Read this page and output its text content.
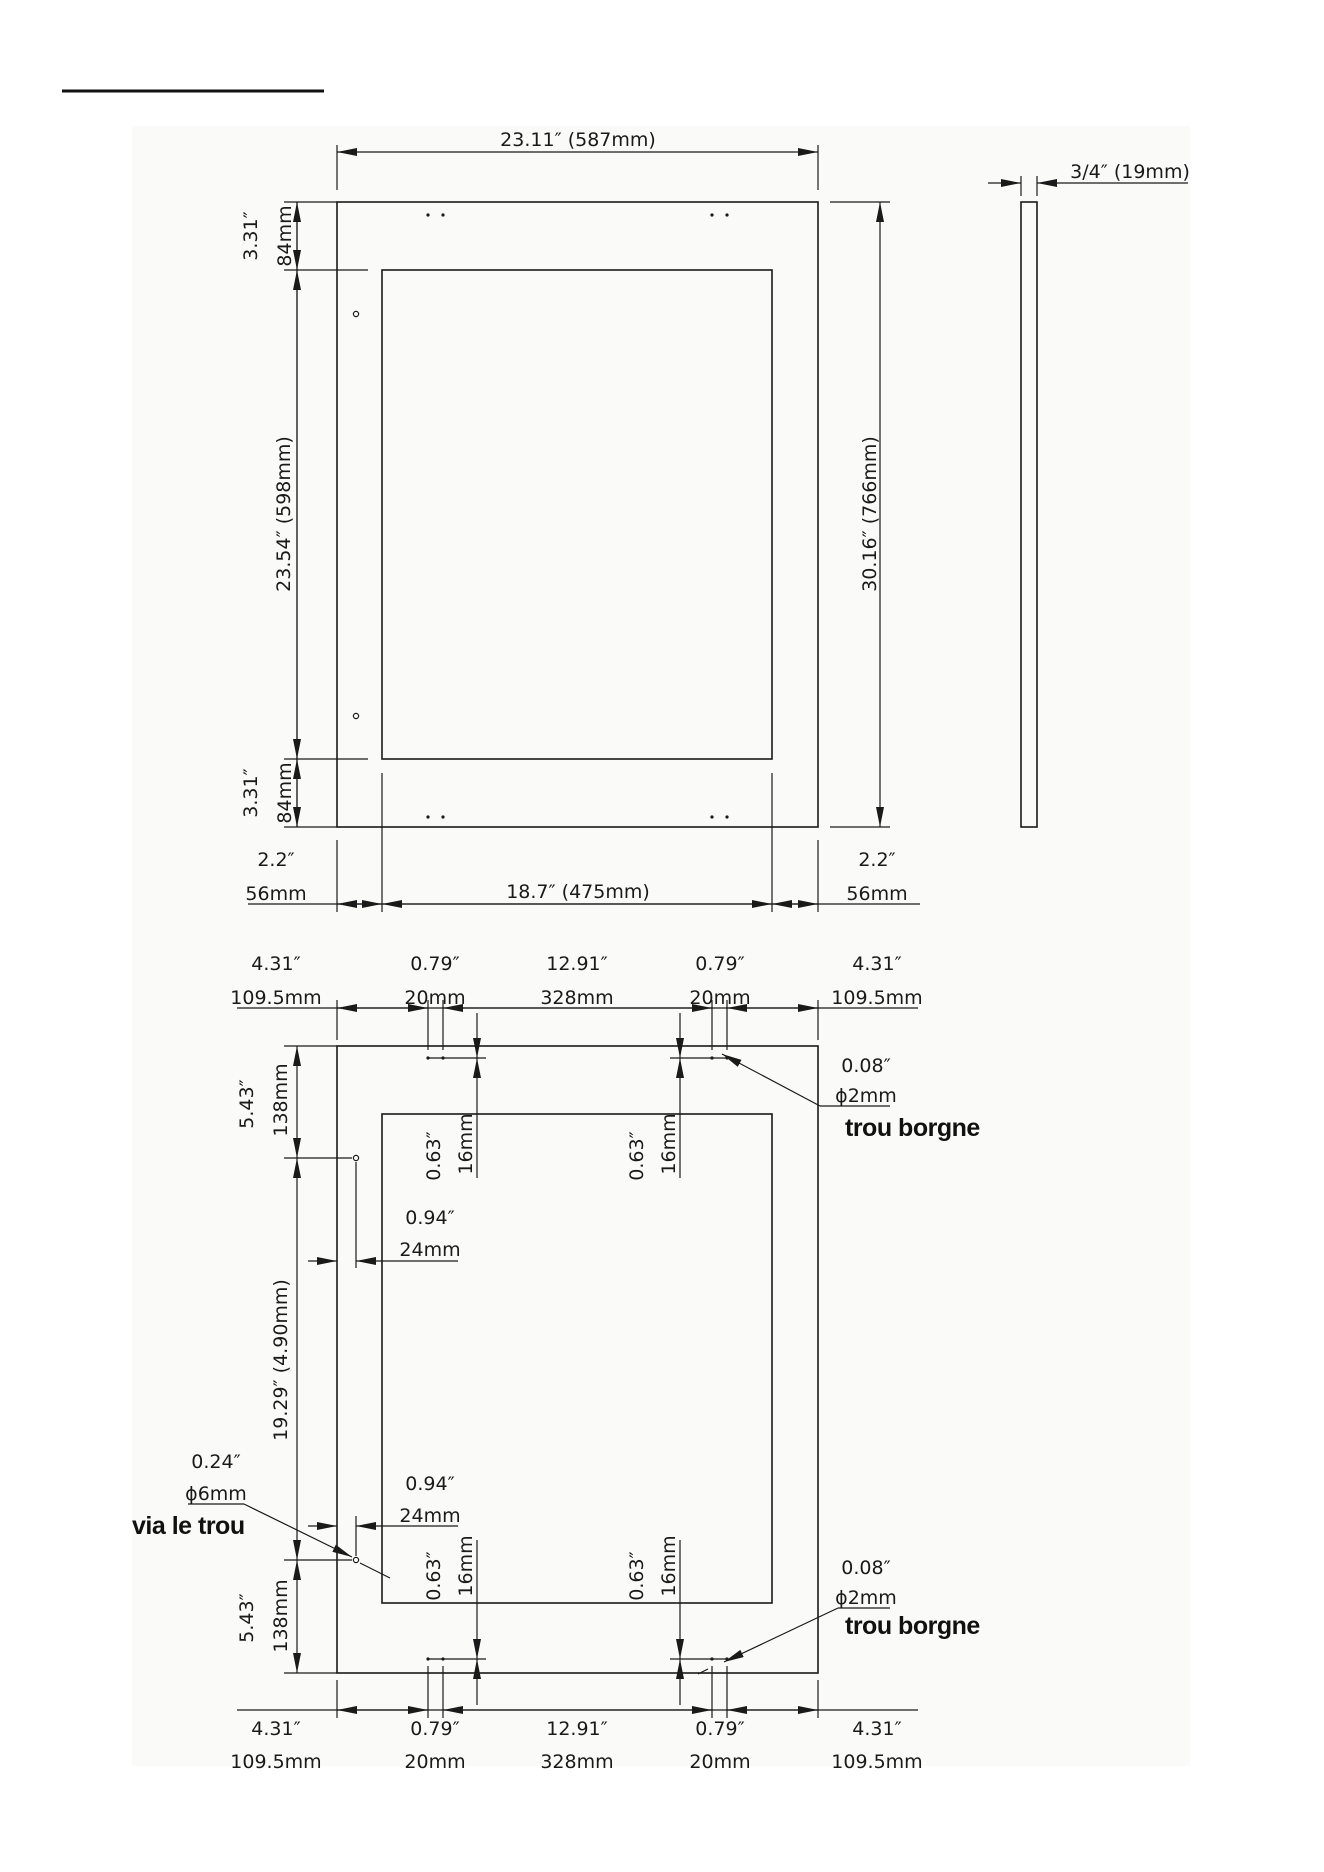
23.11″ (587mm)
3.31″ 84mm
23.54″ (598mm)
3.31″ 84mm
30.16″ (766mm)
2.2″
56mm	18.7″ (475mm)
2.2″
56mm
3/4″ (19mm)
4.31″
109.5mm
0.79″
20mm
12.91″
328mm
0.79″
20mm
4.31″
109.5mm
0.63″ 16mm	0.63″ 16mm
0.63″ 16mm	0.63″ 16mm
5.43″ 138mm
19.29″ (4.90mm)
5.43″ 138mm
0.94″
24mm
0.94″
24mm
0.24″
ϕ6mm
via le trou
0.08″
ϕ2mm
trou borgne
0.08″
ϕ2mm
trou borgne
4.31″
109.5mm
0.79″
20mm
12.91″
328mm
0.79″
20mm
4.31″
109.5mm
